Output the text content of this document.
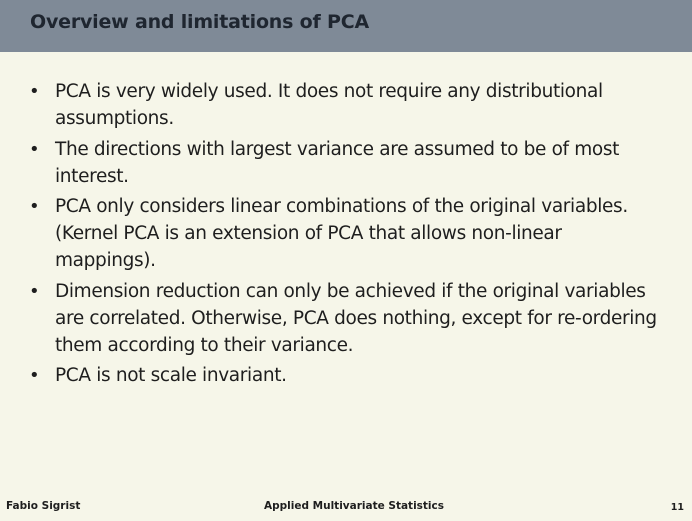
Overview and limitations of PCA
• PCA is very widely used. It does not require any distributional assumptions.
• The directions with largest variance are assumed to be of most interest.
• PCA only considers linear combinations of the original variables. (Kernel PCA is an extension of PCA that allows non-linear mappings).
• Dimension reduction can only be achieved if the original variables are correlated. Otherwise, PCA does nothing, except for re-ordering them according to their variance.
• PCA is not scale invariant.
Fabio Sigrist	Applied Multivariate Statistics	11
